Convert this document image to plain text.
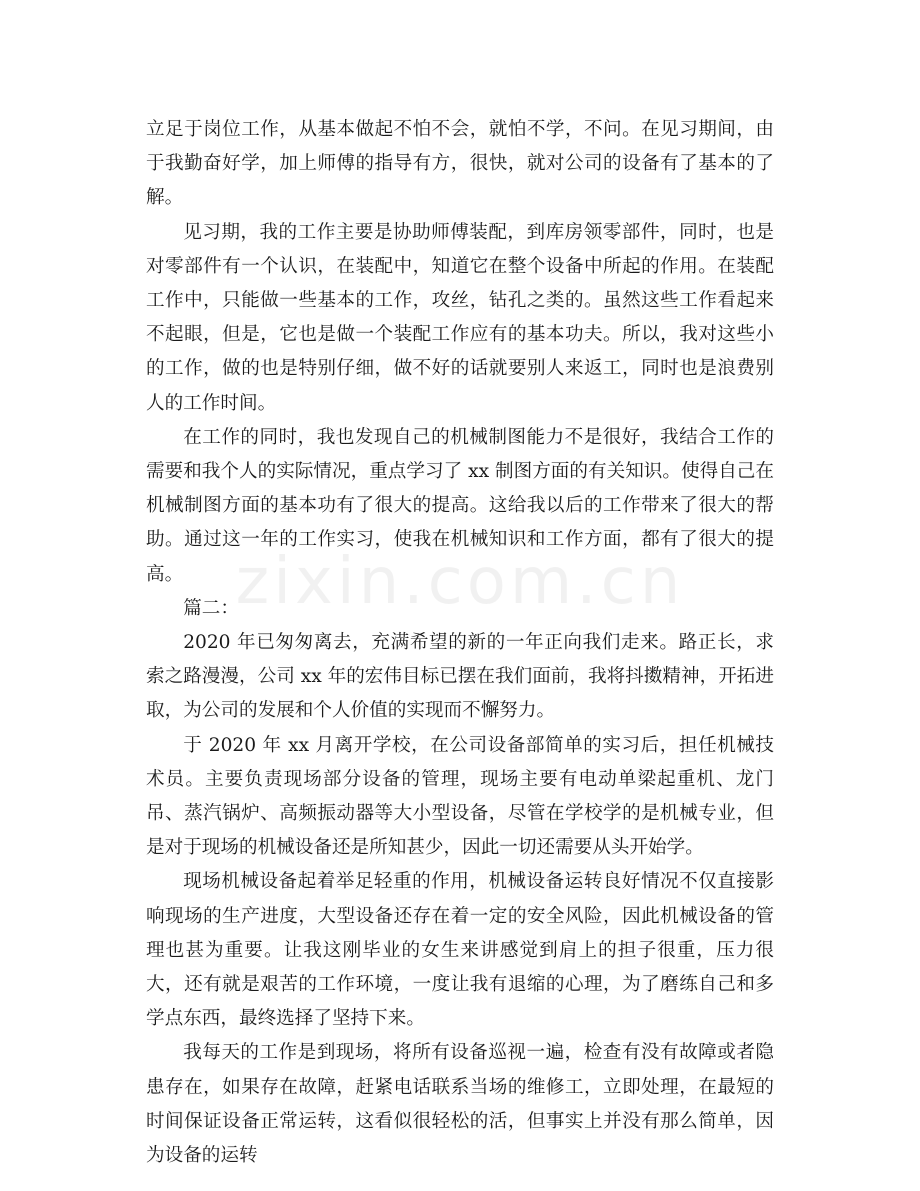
zixin.com.cn

立足于岗位工作，从基本做起不怕不会，就怕不学，不问。在见习期间，由于我勤奋好学，加上师傅的指导有方，很快，就对公司的设备有了基本的了解。

见习期，我的工作主要是协助师傅装配，到库房领零部件，同时，也是对零部件有一个认识，在装配中，知道它在整个设备中所起的作用。在装配工作中，只能做一些基本的工作，攻丝，钻孔之类的。虽然这些工作看起来不起眼，但是，它也是做一个装配工作应有的基本功夫。所以，我对这些小的工作，做的也是特别仔细，做不好的话就要别人来返工，同时也是浪费别人的工作时间。

在工作的同时，我也发现自己的机械制图能力不是很好，我结合工作的需要和我个人的实际情况，重点学习了 xx 制图方面的有关知识。使得自己在机械制图方面的基本功有了很大的提高。这给我以后的工作带来了很大的帮助。通过这一年的工作实习，使我在机械知识和工作方面，都有了很大的提高。

篇二：

2020 年已匆匆离去，充满希望的新的一年正向我们走来。路正长，求索之路漫漫，公司 xx 年的宏伟目标已摆在我们面前，我将抖擞精神，开拓进取，为公司的发展和个人价值的实现而不懈努力。

于 2020 年 xx 月离开学校，在公司设备部简单的实习后，担任机械技术员。主要负责现场部分设备的管理，现场主要有电动单梁起重机、龙门吊、蒸汽锅炉、高频振动器等大小型设备，尽管在学校学的是机械专业，但是对于现场的机械设备还是所知甚少，因此一切还需要从头开始学。

现场机械设备起着举足轻重的作用，机械设备运转良好情况不仅直接影响现场的生产进度，大型设备还存在着一定的安全风险，因此机械设备的管理也甚为重要。让我这刚毕业的女生来讲感觉到肩上的担子很重，压力很大，还有就是艰苦的工作环境，一度让我有退缩的心理，为了磨练自己和多学点东西，最终选择了坚持下来。

我每天的工作是到现场，将所有设备巡视一遍，检查有没有故障或者隐患存在，如果存在故障，赶紧电话联系当场的维修工，立即处理，在最短的时间保证设备正常运转，这看似很轻松的活，但事实上并没有那么简单，因为设备的运转
